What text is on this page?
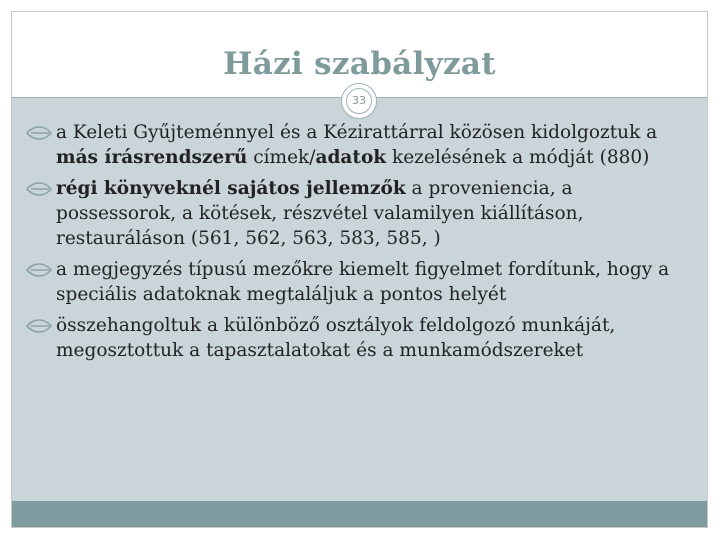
Házi szabályzat
33
a Keleti Gyűjteménnyel és a Kézirattárral közösen kidolgoztuk a más írásrendszerű címek/adatok kezelésének a módját (880)
régi könyveknél sajátos jellemzők a proveniencia, a possessorok, a kötések, részvétel valamilyen kiállításon, restauráláson (561, 562, 563, 583, 585, )
a megjegyzés típusú mezőkre kiemelt figyelmet fordítunk, hogy a speciális adatoknak megtaláljuk a pontos helyét
összehangoltuk a különböző osztályok feldolgozó munkáját, megosztottuk a tapasztalatokat és a munkamódszereket
